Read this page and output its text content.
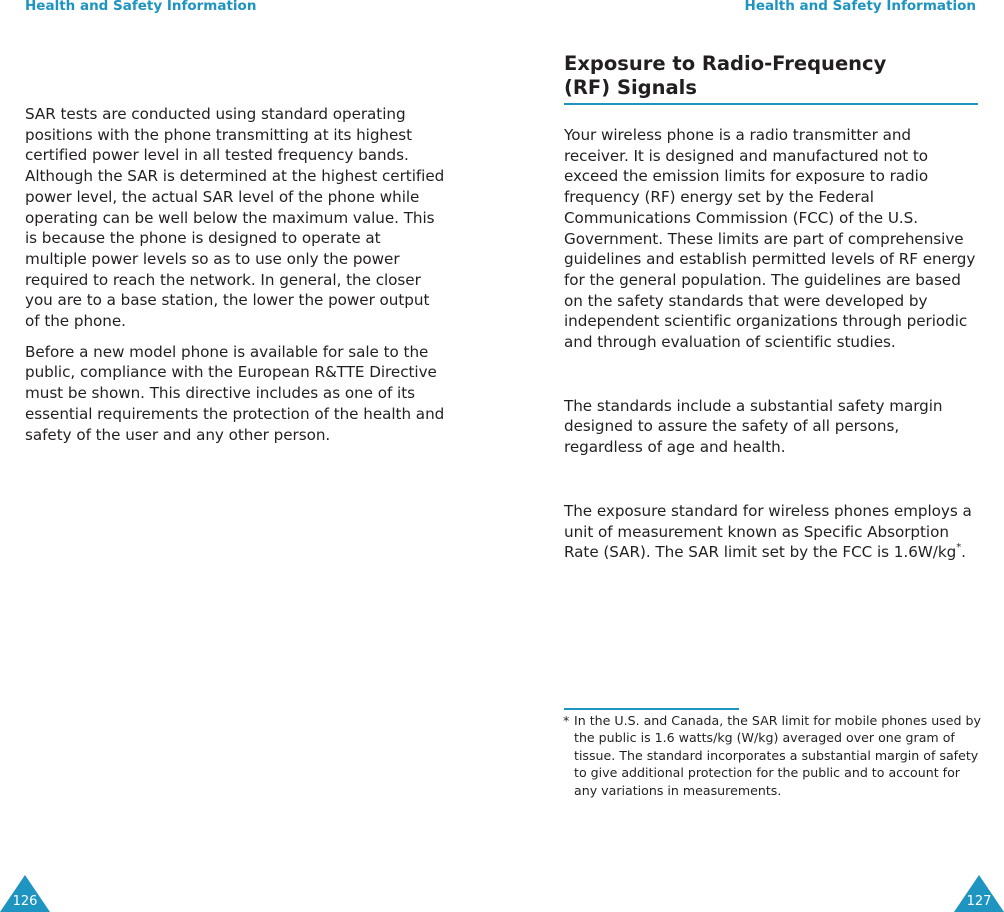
Health and Safety Information

SAR tests are conducted using standard operating positions with the phone transmitting at its highest certified power level in all tested frequency bands. Although the SAR is determined at the highest certified power level, the actual SAR level of the phone while operating can be well below the maximum value. This is because the phone is designed to operate at multiple power levels so as to use only the power required to reach the network. In general, the closer you are to a base station, the lower the power output of the phone.

Before a new model phone is available for sale to the public, compliance with the European R&TTE Directive must be shown. This directive includes as one of its essential requirements the protection of the health and safety of the user and any other person.

126
Health and Safety Information
Exposure to Radio-Frequency
(RF) Signals

Your wireless phone is a radio transmitter and receiver. It is designed and manufactured not to exceed the emission limits for exposure to radio frequency (RF) energy set by the Federal Communications Commission (FCC) of the U.S. Government. These limits are part of comprehensive guidelines and establish permitted levels of RF energy for the general population. The guidelines are based on the safety standards that were developed by independent scientific organizations through periodic and through evaluation of scientific studies.

The standards include a substantial safety margin designed to assure the safety of all persons, regardless of age and health.

The exposure standard for wireless phones employs a unit of measurement known as Specific Absorption Rate (SAR). The SAR limit set by the FCC is 1.6W/kg*.

* In the U.S. and Canada, the SAR limit for mobile phones used by the public is 1.6 watts/kg (W/kg) averaged over one gram of tissue. The standard incorporates a substantial margin of safety to give additional protection for the public and to account for any variations in measurements.

127
